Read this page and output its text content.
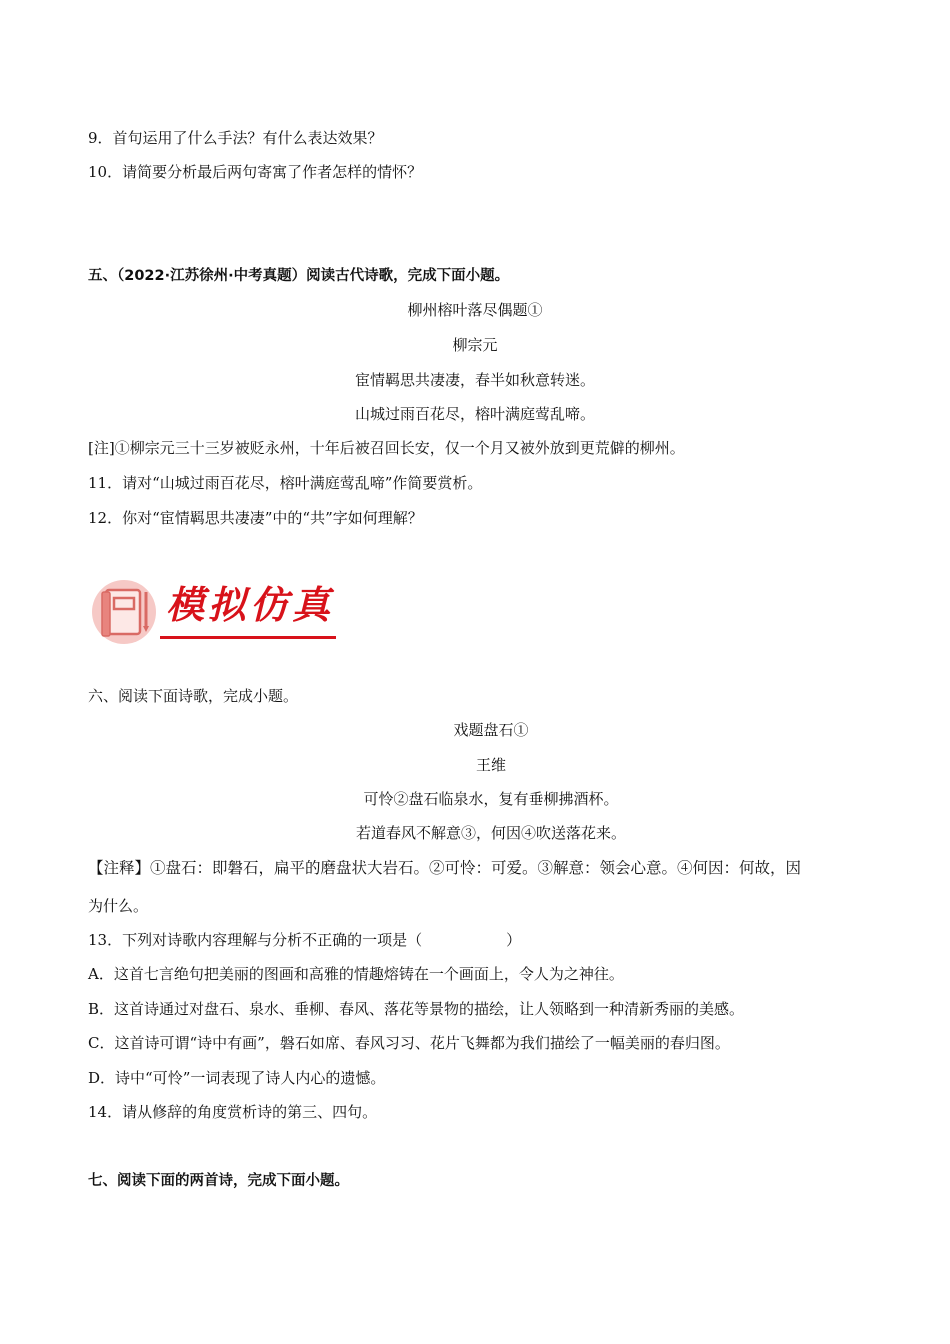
9．首句运用了什么手法？有什么表达效果？
10．请简要分析最后两句寄寓了作者怎样的情怀？
五、（2022·江苏徐州·中考真题）阅读古代诗歌，完成下面小题。
柳州榕叶落尽偶题①
柳宗元
宦情羁思共凄凄，春半如秋意转迷。
山城过雨百花尽，榕叶满庭莺乱啼。
[注]①柳宗元三十三岁被贬永州，十年后被召回长安，仅一个月又被外放到更荒僻的柳州。
11．请对“山城过雨百花尽，榕叶满庭莺乱啼”作简要赏析。
12．你对“宦情羁思共凄凄”中的“共”字如何理解？
模拟仿真
六、阅读下面诗歌，完成小题。
戏题盘石①
王维
可怜②盘石临泉水，复有垂柳拂酒杯。
若道春风不解意③，何因④吹送落花来。
【注释】①盘石：即磐石，扁平的磨盘状大岩石。②可怜：可爱。③解意：领会心意。④何因：何故，因
为什么。
13．下列对诗歌内容理解与分析不正确的一项是（	）
A．这首七言绝句把美丽的图画和高雅的情趣熔铸在一个画面上，令人为之神往。
B．这首诗通过对盘石、泉水、垂柳、春风、落花等景物的描绘，让人领略到一种清新秀丽的美感。
C．这首诗可谓“诗中有画”，磐石如席、春风习习、花片飞舞都为我们描绘了一幅美丽的春归图。
D．诗中“可怜”一词表现了诗人内心的遗憾。
14．请从修辞的角度赏析诗的第三、四句。
七、阅读下面的两首诗，完成下面小题。
